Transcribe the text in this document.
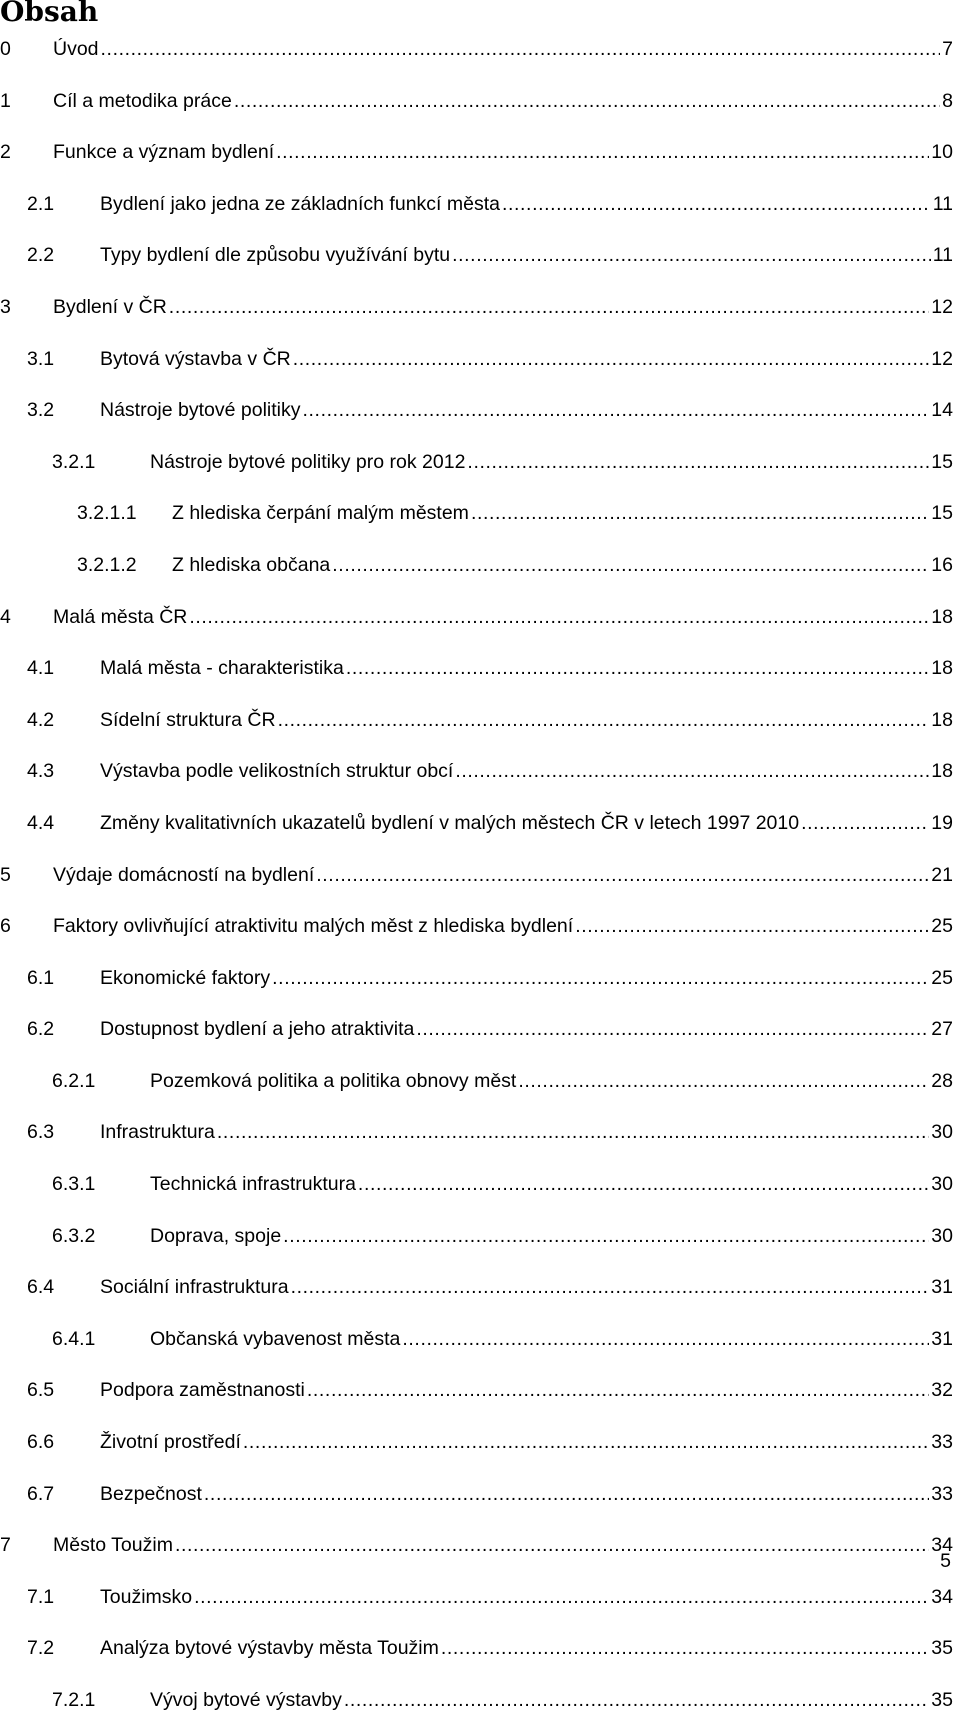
Obsah
0 Úvod .....	7
1 Cíl a metodika práce .....	8
2 Funkce a význam bydlení .....	10
2.1 Bydlení jako jedna ze základních funkcí města .....	11
2.2 Typy bydlení dle způsobu využívání bytu .....	11
3 Bydlení v ČR .....	12
3.1 Bytová výstavba v ČR .....	12
3.2 Nástroje bytové politiky .....	14
3.2.1	Nástroje bytové politiky pro rok 2012 .....	15
3.2.1.1 Z hlediska čerpání malým městem .....	15
3.2.1.2 Z hlediska občana .....	16
4 Malá města ČR .....	18
4.1 Malá města - charakteristika .....	18
4.2 Sídelní struktura ČR .....	18
4.3 Výstavba podle velikostních struktur obcí .....	18
4.4 Změny kvalitativních ukazatelů bydlení v malých městech ČR v letech 1997 2010 .....	19
5 Výdaje domácností na bydlení .....	21
6 Faktory ovlivňující atraktivitu malých měst z hlediska bydlení .....	25
6.1 Ekonomické faktory .....	25
6.2 Dostupnost bydlení a jeho atraktivita .....	27
6.2.1	Pozemková politika a politika obnovy měst .....	28
6.3 Infrastruktura .....	30
6.3.1	Technická infrastruktura .....	30
6.3.2	Doprava, spoje .....	30
6.4 Sociální infrastruktura .....	31
6.4.1	Občanská vybavenost města .....	31
6.5 Podpora zaměstnanosti .....	32
6.6 Životní prostředí .....	33
6.7 Bezpečnost .....	33
7 Město Toužim .....	34
7.1 Toužimsko .....	34
7.2 Analýza bytové výstavby města Toužim .....	35
7.2.1	Vývoj bytové výstavby .....	35
5
